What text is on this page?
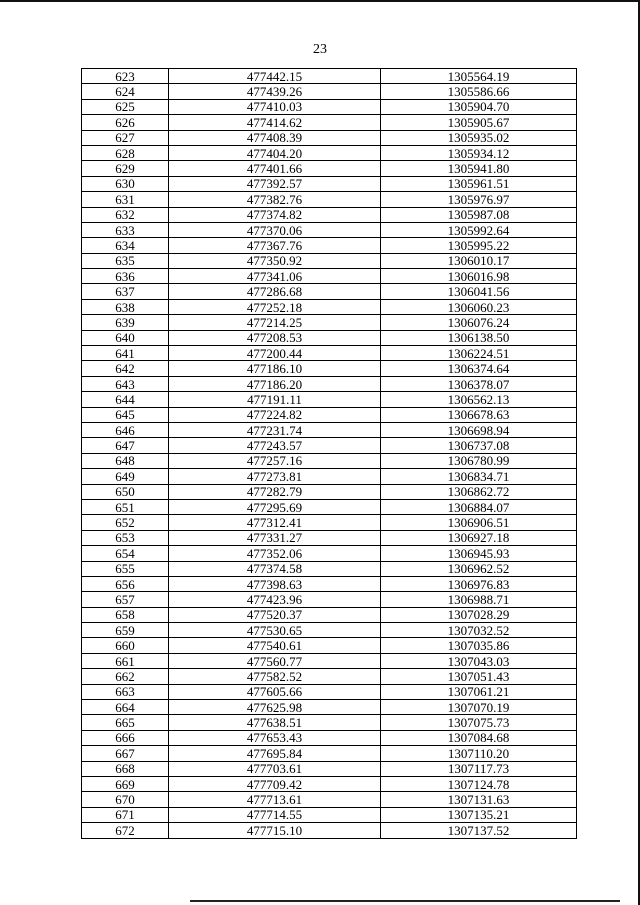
23
623	477442.15	1305564.19
624	477439.26	1305586.66
625	477410.03	1305904.70
626	477414.62	1305905.67
627	477408.39	1305935.02
628	477404.20	1305934.12
629	477401.66	1305941.80
630	477392.57	1305961.51
631	477382.76	1305976.97
632	477374.82	1305987.08
633	477370.06	1305992.64
634	477367.76	1305995.22
635	477350.92	1306010.17
636	477341.06	1306016.98
637	477286.68	1306041.56
638	477252.18	1306060.23
639	477214.25	1306076.24
640	477208.53	1306138.50
641	477200.44	1306224.51
642	477186.10	1306374.64
643	477186.20	1306378.07
644	477191.11	1306562.13
645	477224.82	1306678.63
646	477231.74	1306698.94
647	477243.57	1306737.08
648	477257.16	1306780.99
649	477273.81	1306834.71
650	477282.79	1306862.72
651	477295.69	1306884.07
652	477312.41	1306906.51
653	477331.27	1306927.18
654	477352.06	1306945.93
655	477374.58	1306962.52
656	477398.63	1306976.83
657	477423.96	1306988.71
658	477520.37	1307028.29
659	477530.65	1307032.52
660	477540.61	1307035.86
661	477560.77	1307043.03
662	477582.52	1307051.43
663	477605.66	1307061.21
664	477625.98	1307070.19
665	477638.51	1307075.73
666	477653.43	1307084.68
667	477695.84	1307110.20
668	477703.61	1307117.73
669	477709.42	1307124.78
670	477713.61	1307131.63
671	477714.55	1307135.21
672	477715.10	1307137.52
